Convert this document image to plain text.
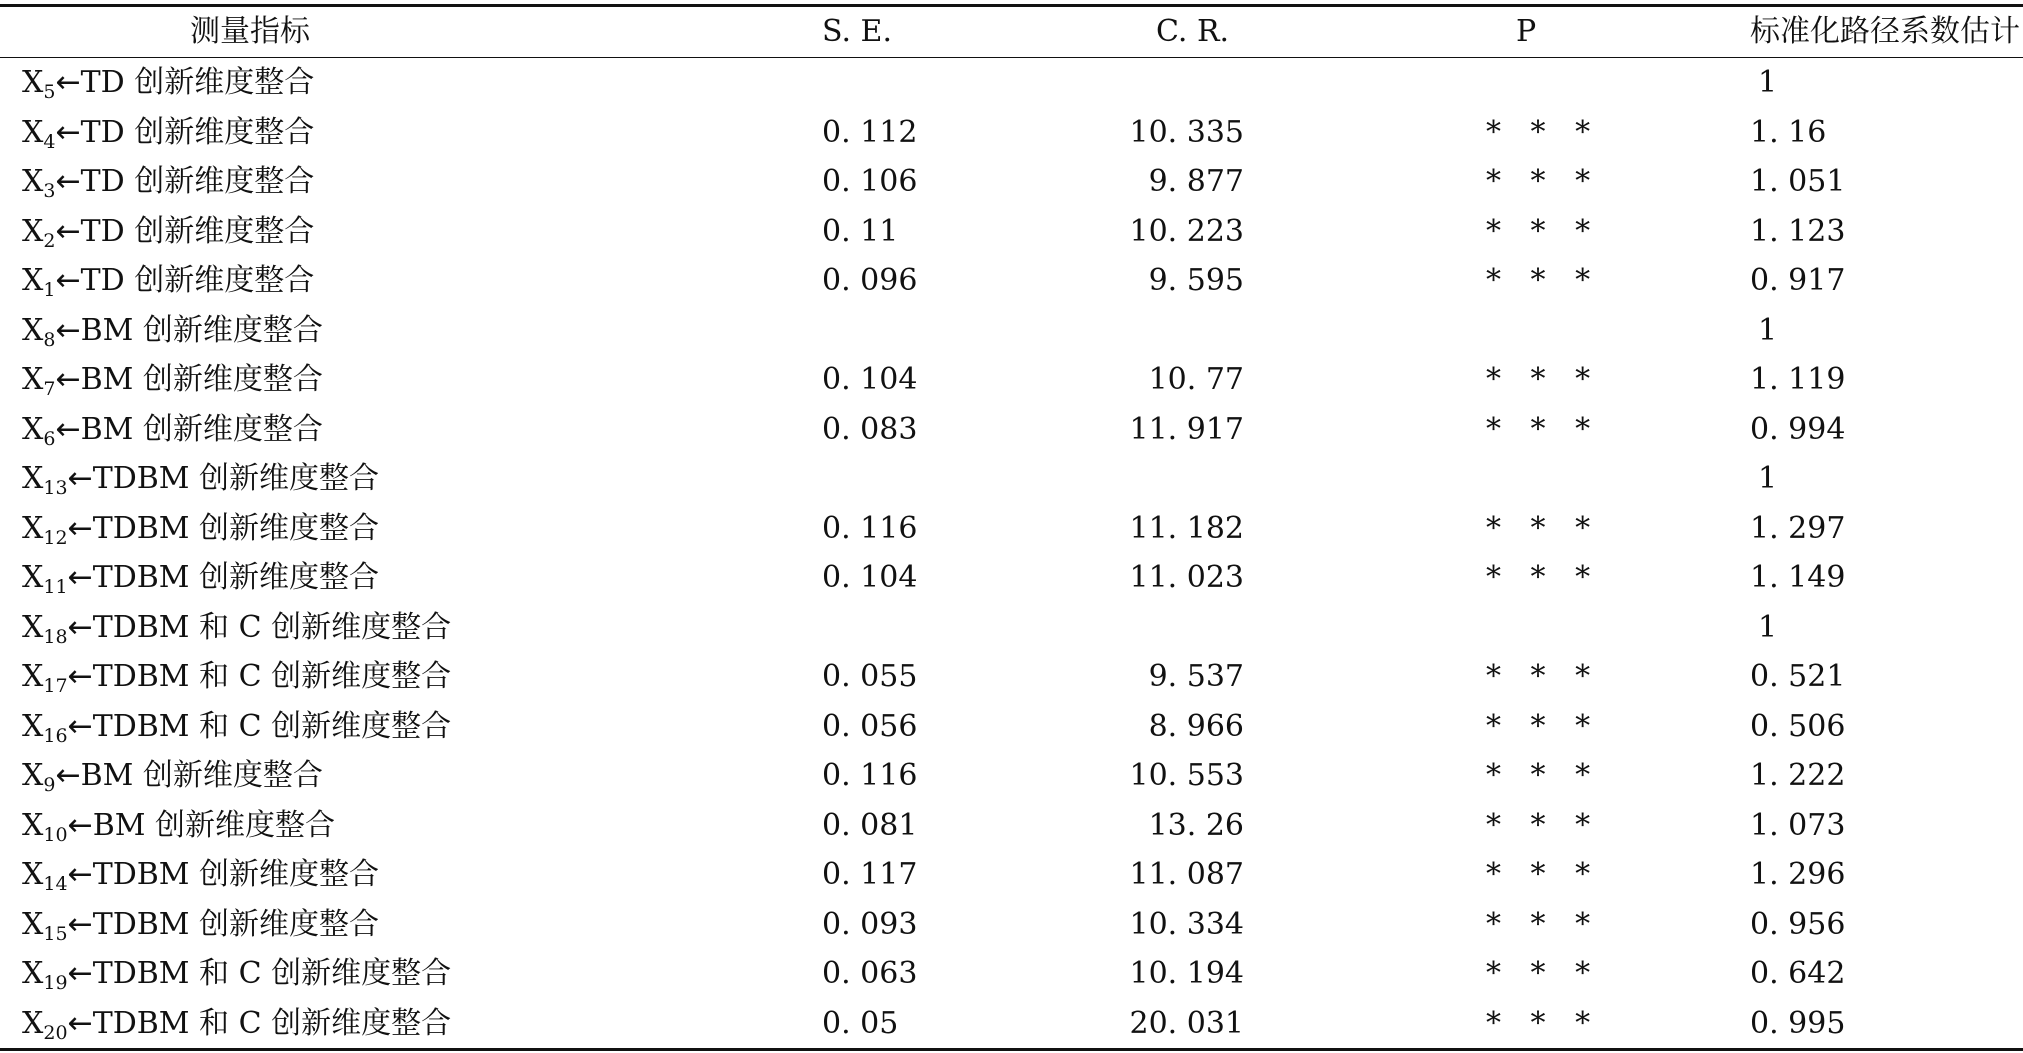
测量指标	S. E.	C. R.	P	标准化路径系数估计
$X_5\leftarrow TD$ 创新维度整合				1
$X_4\leftarrow TD$ 创新维度整合	0. 112	10. 335	* * *	1. 16
$X_3\leftarrow TD$ 创新维度整合	0. 106	9. 877	* * *	1. 051
$X_2\leftarrow TD$ 创新维度整合	0. 11	10. 223	* * *	1. 123
$X_1\leftarrow TD$ 创新维度整合	0. 096	9. 595	* * *	0. 917
$X_8\leftarrow BM$ 创新维度整合				1
$X_7\leftarrow BM$ 创新维度整合	0. 104	10. 77	* * *	1. 119
$X_6\leftarrow BM$ 创新维度整合	0. 083	11. 917	* * *	0. 994
$X_{13}\leftarrow TDBM$ 创新维度整合				1
$X_{12}\leftarrow TDBM$ 创新维度整合	0. 116	11. 182	* * *	1. 297
$X_{11}\leftarrow TDBM$ 创新维度整合	0. 104	11. 023	* * *	1. 149
$X_{18}\leftarrow TDBM$ 和 C 创新维度整合				1
$X_{17}\leftarrow TDBM$ 和 C 创新维度整合	0. 055	9. 537	* * *	0. 521
$X_{16}\leftarrow TDBM$ 和 C 创新维度整合	0. 056	8. 966	* * *	0. 506
$X_9\leftarrow BM$ 创新维度整合	0. 116	10. 553	* * *	1. 222
$X_{10}\leftarrow BM$ 创新维度整合	0. 081	13. 26	* * *	1. 073
$X_{14}\leftarrow TDBM$ 创新维度整合	0. 117	11. 087	* * *	1. 296
$X_{15}\leftarrow TDBM$ 创新维度整合	0. 093	10. 334	* * *	0. 956
$X_{19}\leftarrow TDBM$ 和 C 创新维度整合	0. 063	10. 194	* * *	0. 642
$X_{20}\leftarrow TDBM$ 和 C 创新维度整合	0. 05	20. 031	* * *	0. 995
